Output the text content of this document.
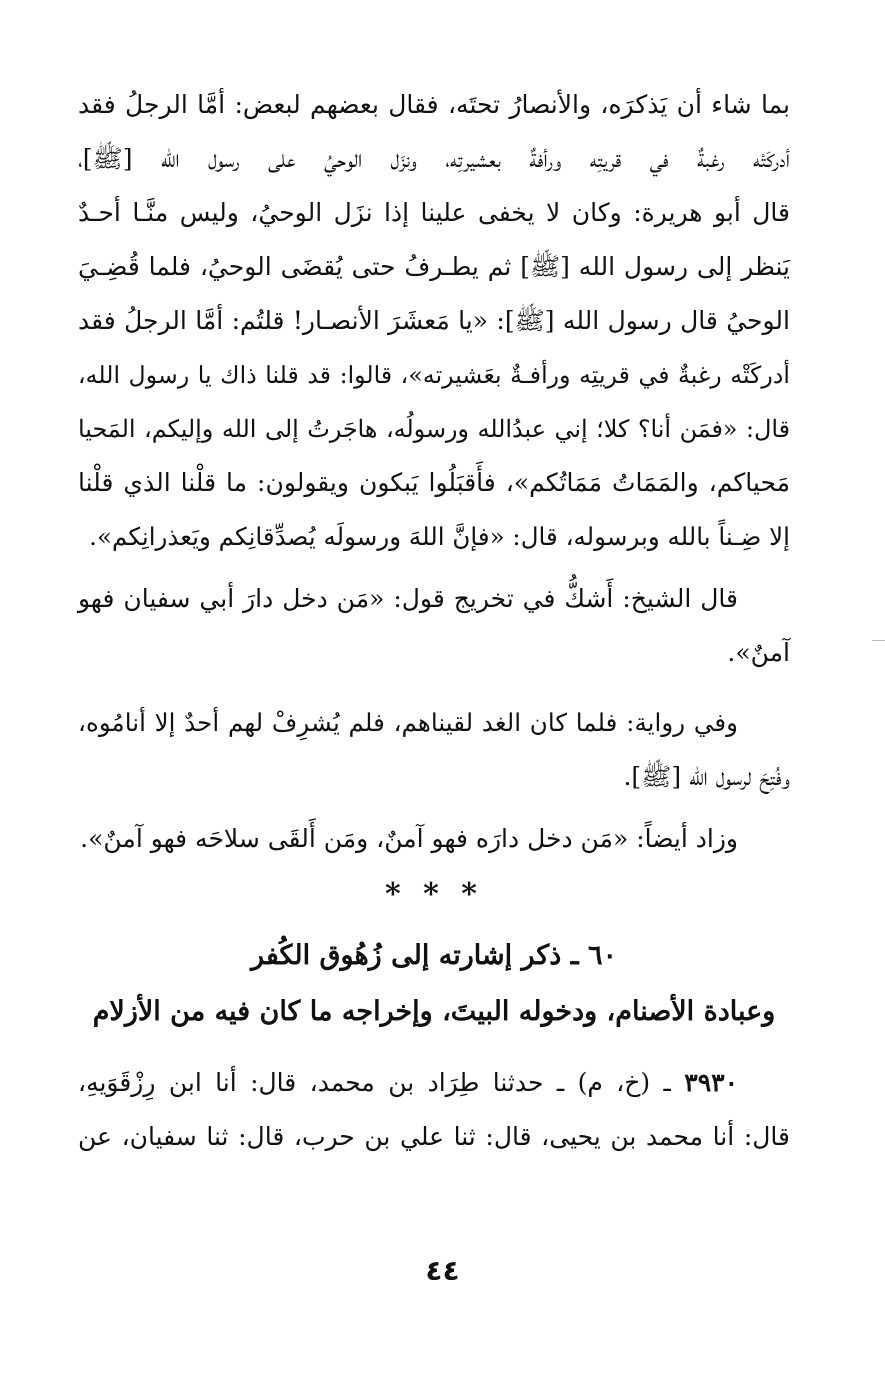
بما شاء أن يَذكرَه، والأنصارُ تحتَه، فقال بعضهم لبعض: أمَّا الرجلُ فقد
أدركَتْه رغبةٌ في قريتِه ورأفةٌ بعشيرتِه، ونزَل الوحيُ على رسول الله [ﷺ]،
قال أبو هريرة: وكان لا يخفى علينا إذا نزَل الوحيُ، وليس منَّـا أحـدٌ
يَنظر إلى رسول الله [ﷺ] ثم يطـرفُ حتى يُقضَى الوحيُ، فلما قُضِـيَ
الوحيُ قال رسول الله [ﷺ]: «يا مَعشَرَ الأنصـار! قلتُم: أمَّا الرجلُ فقد
أدركَتْه رغبةٌ في قريتِه ورأفـةٌ بعَشيرته»، قالوا: قد قلنا ذاك يا رسول الله،
قال: «فمَن أنا؟ كلا؛ إني عبدُالله ورسولُه، هاجَرتُ إلى الله وإليكم، المَحيا
مَحياكم، والمَمَاتُ مَمَاتُكم»، فأَقبَلُوا يَبكون ويقولون: ما قلْنا الذي قلْنا
إلا ضِـناً بالله وبرسوله، قال: «فإنَّ اللهَ ورسولَه يُصدِّقانِكم ويَعذرانِكم».

قال الشيخ: أَشكُّ في تخريج قول: «مَن دخل دارَ أبي سفيان فهو
آمنٌ».

وفي رواية: فلما كان الغد لقيناهم، فلم يُشرِفْ لهم أحدٌ إلا أنامُوه،
وفُتِحَ لرسول الله [ﷺ].

وزاد أيضاً: «مَن دخل دارَه فهو آمنٌ، ومَن أَلقَى سلاحَه فهو آمنٌ».

* * *

٦٠ ـ ذكر إشارته إلى زُهُوق الكُفر

وعبادة الأصنام، ودخوله البيتَ، وإخراجه ما كان فيه من الأزلام

٣٩٣٠ ـ (خ، م) ـ حدثنا طِرَاد بن محمد، قال: أنا ابن رِزْقَوَيهِ،
قال: أنا محمد بن يحيى، قال: ثنا علي بن حرب، قال: ثنا سفيان، عن

٤٤
